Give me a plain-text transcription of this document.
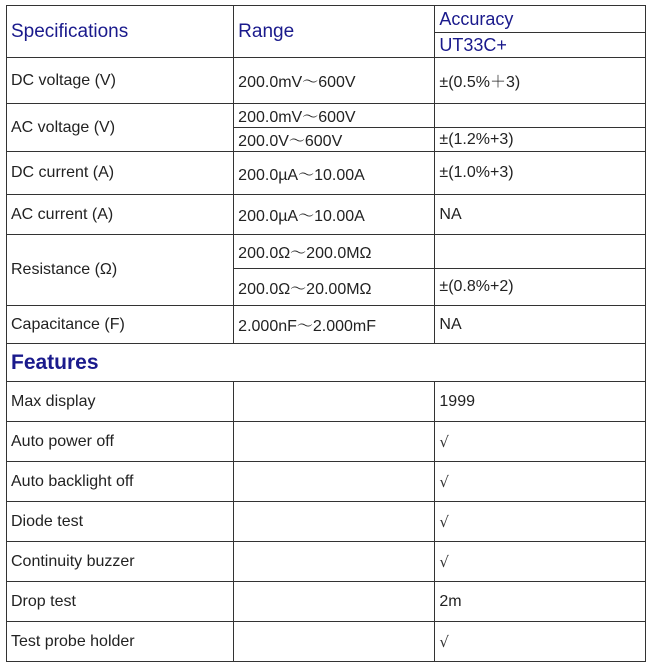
Specifications	Range	Accuracy
		UT33C+
DC voltage (V)	200.0mV～600V	±(0.5%＋3)
AC voltage (V)	200.0mV～600V	
	200.0V～600V	±(1.2%+3)
DC current (A)	200.0µA～10.00A	±(1.0%+3)
AC current (A)	200.0µA～10.00A	NA
Resistance (Ω)	200.0Ω～200.0MΩ	
	200.0Ω～20.00MΩ	±(0.8%+2)
Capacitance (F)	2.000nF～2.000mF	NA
Features		
Max display		1999
Auto power off		√
Auto backlight off		√
Diode test		√
Continuity buzzer		√
Drop test		2m
Test probe holder		√
